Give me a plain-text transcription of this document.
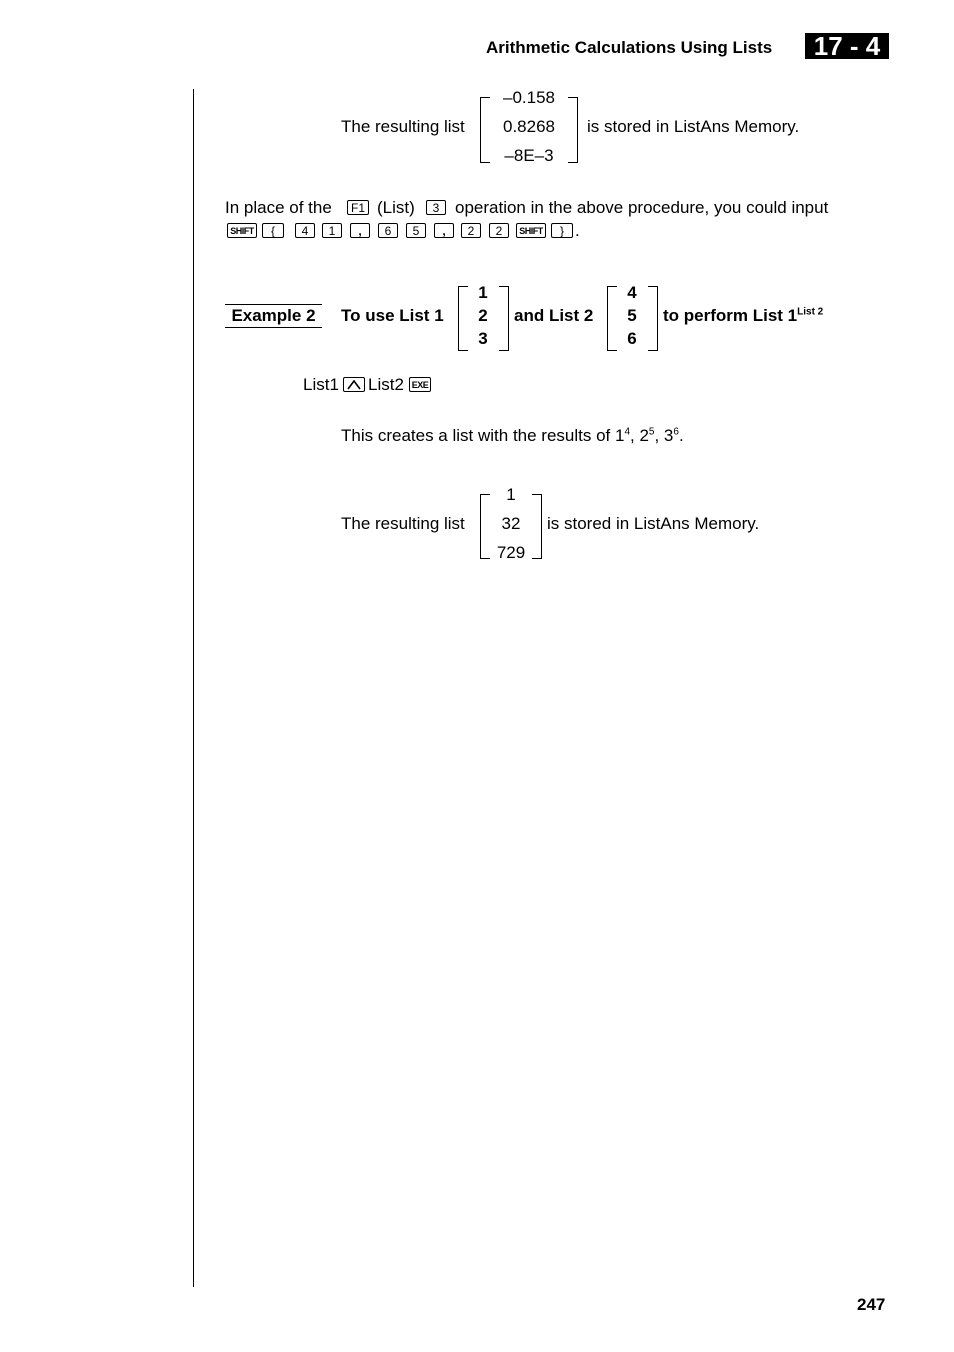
Arithmetic Calculations Using Lists	17 - 4
The resulting list
–0.158
0.8268
–8E–3
is stored in ListAns Memory.
In place of the	F1 (List)	3 operation in the above procedure, you could input
SHIFT	{	4	1	,	6	5	,	2	2	SHIFT	} .
Example 2	To use List 1
1
2
3
and List 2
4
5
6
to perform List $1^{List 2}$
List1 List2 EXE
This creates a list with the results of $1^4$, $2^5$, $3^6$.
The resulting list
1
32
729
is stored in ListAns Memory.
247
